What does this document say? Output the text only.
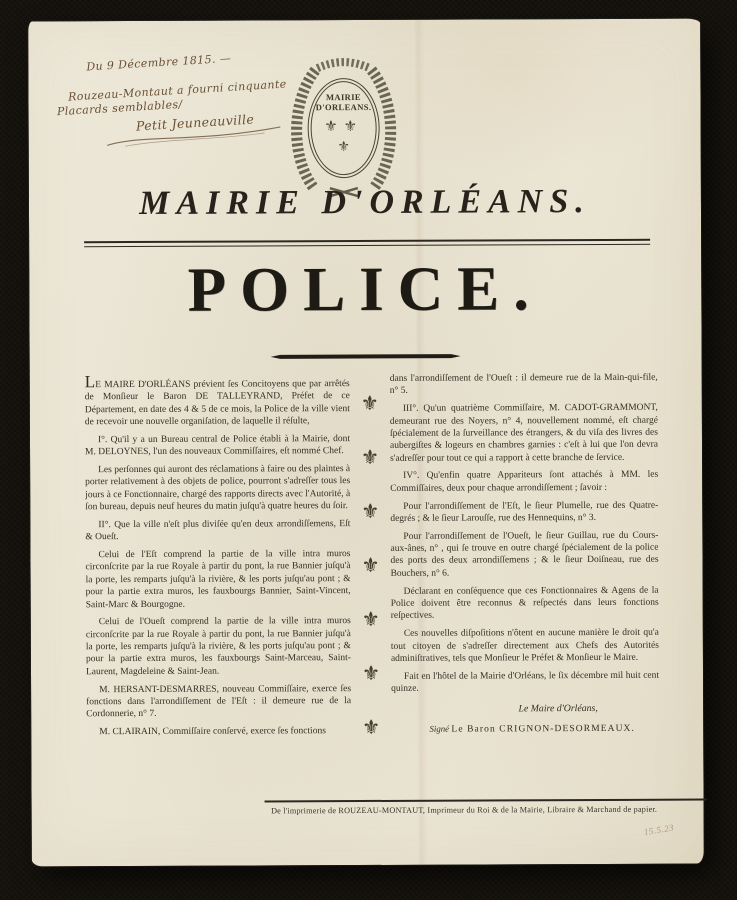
Du 9 Décembre 1815. —
Rouzeau-Montaut a fourni cinquante
Placards semblables/
Petit Jeuneauville
MAIRIE
D'ORLEANS.
⚜⚜
⚜
MAIRIE D'ORLÉANS.
POLICE.

LE MAIRE D'ORLÉANS prévient ſes Concitoyens que par arrêtés de Monſieur le Baron DE TALLEYRAND, Préfet de ce Département, en date des 4 & 5 de ce mois, la Police de la ville vient de recevoir une nouvelle organiſation, de laquelle il réſulte,

I°. Qu'il y a un Bureau central de Police établi à la Mairie, dont M. DELOYNES, l'un des nouveaux Commiſſaires, eſt nommé Chef.

Les perſonnes qui auront des réclamations à faire ou des plaintes à porter relativement à des objets de police, pourront s'adreſſer tous les jours à ce Fonctionnaire, chargé des rapports directs avec l'Autorité, à ſon bureau, depuis neuf heures du matin juſqu'à quatre heures du ſoir.

II°. Que la ville n'eſt plus diviſée qu'en deux arrondiſſemens, Eſt & Oueſt.

Celui de l'Eſt comprend la partie de la ville intra muros circonſcrite par la rue Royale à partir du pont, la rue Bannier juſqu'à la porte, les remparts juſqu'à la rivière, & les ports juſqu'au pont ; & pour la partie extra muros, les fauxbourgs Bannier, Saint-Vincent, Saint-Marc & Bourgogne.

Celui de l'Oueſt comprend la partie de la ville intra muros circonſcrite par la rue Royale à partir du pont, la rue Bannier juſqu'à la porte, les remparts juſqu'à la rivière, & les ports juſqu'au pont ; & pour la partie extra muros, les fauxbourgs Saint-Marceau, Saint-Laurent, Magdeleine & Saint-Jean.

M. HERSANT-DESMARRES, nouveau Commiſſaire, exerce ſes fonctions dans l'arrondiſſement de l'Eſt : il demeure rue de la Cordonnerie, n° 7.

M. CLAIRAIN, Commiſſaire conſervé, exerce ſes fonctions

⚜
⚜
⚜
⚜
⚜
⚜
⚜

dans l'arrondiſſement de l'Oueſt : il demeure rue de la Main-qui-file, n° 5.

III°. Qu'un quatrième Commiſſaire, M. CADOT-GRAMMONT, demeurant rue des Noyers, n° 4, nouvellement nommé, eſt chargé ſpécialement de la ſurveillance des étrangers, & du viſa des livres des aubergiſtes & logeurs en chambres garnies : c'eſt à lui que l'on devra s'adreſſer pour tout ce qui a rapport à cette branche de ſervice.

IV°. Qu'enfin quatre Appariteurs ſont attachés à MM. les Commiſſaires, deux pour chaque arrondiſſement ; ſavoir :

Pour l'arrondiſſement de l'Eſt, le ſieur Plumelle, rue des Quatre-degrés ; & le ſieur Larouſſe, rue des Hennequins, n° 3.

Pour l'arrondiſſement de l'Oueſt, le ſieur Guillau, rue du Cours-aux-ânes, n° , qui ſe trouve en outre chargé ſpécialement de la police des ports des deux arrondiſſemens ; & le ſieur Doiſneau, rue des Bouchers, n° 6.

Déclarant en conſéquence que ces Fonctionnaires & Agens de la Police doivent être reconnus & reſpectés dans leurs fonctions reſpectives.

Ces nouvelles diſpoſitions n'ôtent en aucune manière le droit qu'a tout citoyen de s'adreſſer directement aux Chefs des Autorités adminiſtratives, tels que Monſieur le Préfet & Monſieur le Maire.

Fait en l'hôtel de la Mairie d'Orléans, le ſix décembre mil huit cent quinze.

Le Maire d'Orléans,
Signé Le Baron CRIGNON-DESORMEAUX.
De l'imprimerie de ROUZEAU-MONTAUT, Imprimeur du Roi & de la Mairie, Libraire & Marchand de papier.
15.5.23
